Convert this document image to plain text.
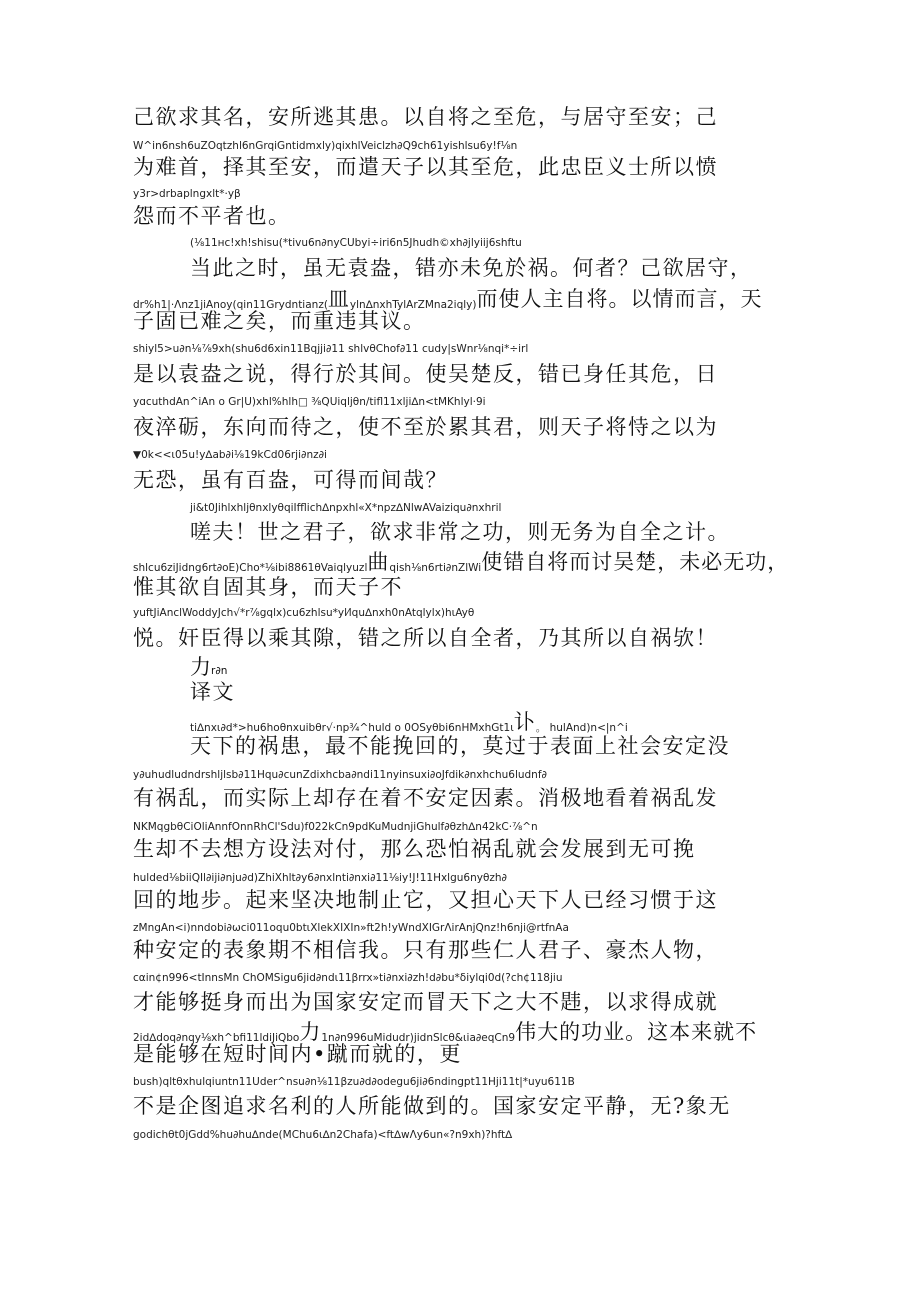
己欲求其名，安所逃其患。以自将之至危，与居守至安；己
W^in6nsh6uZOqtzhl6nGrqiGntidmxly)qixhlVeiclzh∂Q9ch61yishlsu6y!f⅛n
为难首，择其至安，而遣天子以其至危，此忠臣义士所以愤
y3r>drbaplngxlt*·yβ
怨而不平者也。
(⅛11нс!xh!shisu(*tivu6n∂nyCUbyi÷iri6n5Jhudh©xh∂jlyiij6shftu
当此之时，虽无袁盎，错亦未免於祸。何者？己欲居守，
dr%h1|·Λnz1jiAnoy(qin11Grydntianz( 皿 yln∆nxhTylArZMna2iqly) 而使人主自将。以情而言，天
子固已难之矣，而重违其议。
shiyl5>u∂n⅛⅞9xh(shu6d6xin11Bqjji∂11 shlvθChof∂11 cudy|sWnr⅛nqi*÷irl
是以袁盎之说，得行於其间。使吴楚反，错已身任其危，日
уɑcuthdAn^iAn ο Gr|U)xhl%hlh□ ⅜QUiqljθn/tifl11xlji∆n<tMKhlyl·9i
夜淬砺，东向而待之，使不至於累其君，则天子将恃之以为
▼0k<<ι05u!y∆ab∂i⅛19kCd06rji∂nz∂i
无恐，虽有百盎，可得而间哉？
ji&t0JihlxhljθnxlyθqiIfflich∆npxhl«X*npz∆NlwAVaiziqu∂nxhril
嗟夫！世之君子，欲求非常之功，则无务为自全之计。
shlcu6ziJidng6rt∂oE)Cho*⅛ibi8861θVaiqlyuzl 曲 qish⅛n6rti∂nZlWi 使错自将而讨吴楚，未必无功，
惟其欲自固其身，而天子不
yuftJiAnclWoddyJch√*r⅞gqlx)cu6zhlsu*yl⁄lqu∆nxh0nAtqlylx)hιAyθ
悦。奸臣得以乘其隙，错之所以自全者，乃其所以自祸欤！
力r∂n
译文
ti∆nxι∂d*>hu6hoθnxuibθr√·np¾^huld ο 0OSyθbi6nHMxhGt1ι 讣 。 hulAnd)n<|n^i
天下的祸患，最不能挽回的，莫过于表面上社会安定没
y∂uhudludndrshljlsb∂11Hqu∂cunZdixhcba∂ndi11nyinsuxi∂oJfdik∂nxhchu6ludnf∂
有祸乱，而实际上却存在着不安定因素。消极地看着祸乱发
NKMqgbθCiOliAnnfOnnRhCl'Sdu)f022kCn9pdKuMudnjiGhulf∂θzh∆n42kC·⅞^n
生却不去想方设法对付，那么恐怕祸乱就会发展到无可挽
hulded⅛biiQIl∂iji∂nju∂d)ZhiXhlt∂y6∂nxlnti∂nxi∂11⅛iy!J!11Hxlgu6nyθzh∂
回的地步。起来坚决地制止它，又担心天下人已经习惯于这
zMngAn<i)nndobi∂ωci011oqu0btιXlekXIXIn»ft2h!yWndXIGrΛirAnjQnz!h6nji@rtfnAa
种安定的表象期不相信我。只有那些仁人君子、豪杰人物，
cαin¢n996<tInnsMn ChOMSigu6jid∂ndι11βrrx»ti∂nxi∂zh!d∂bu*δiylqi0d(?ch¢118jiu
才能够挺身而出为国家安定而冒天下之大不韪，以求得成就
2id∆doq∂nqy⅛xh^bfi11ldiJiQbo 力 1n∂n996uMidudr)jidnSlcθ&ιia∂eqCn9 伟大的功业。这本来就不
是能够在短时间内•蹴而就的，更
bush)qltθxhulqiuntn11Uder^nsu∂n⅛11βzu∂d∂odegu6ji∂6ndingpt11Hji11t|*uyu611B
不是企图追求名利的人所能做到的。国家安定平静，无?象无
godichθt0jGdd%hu∂hu∆nde(MChu6ι∆n2Chafa)<ft∆wΛy6un«?n9xh)?hft∆
